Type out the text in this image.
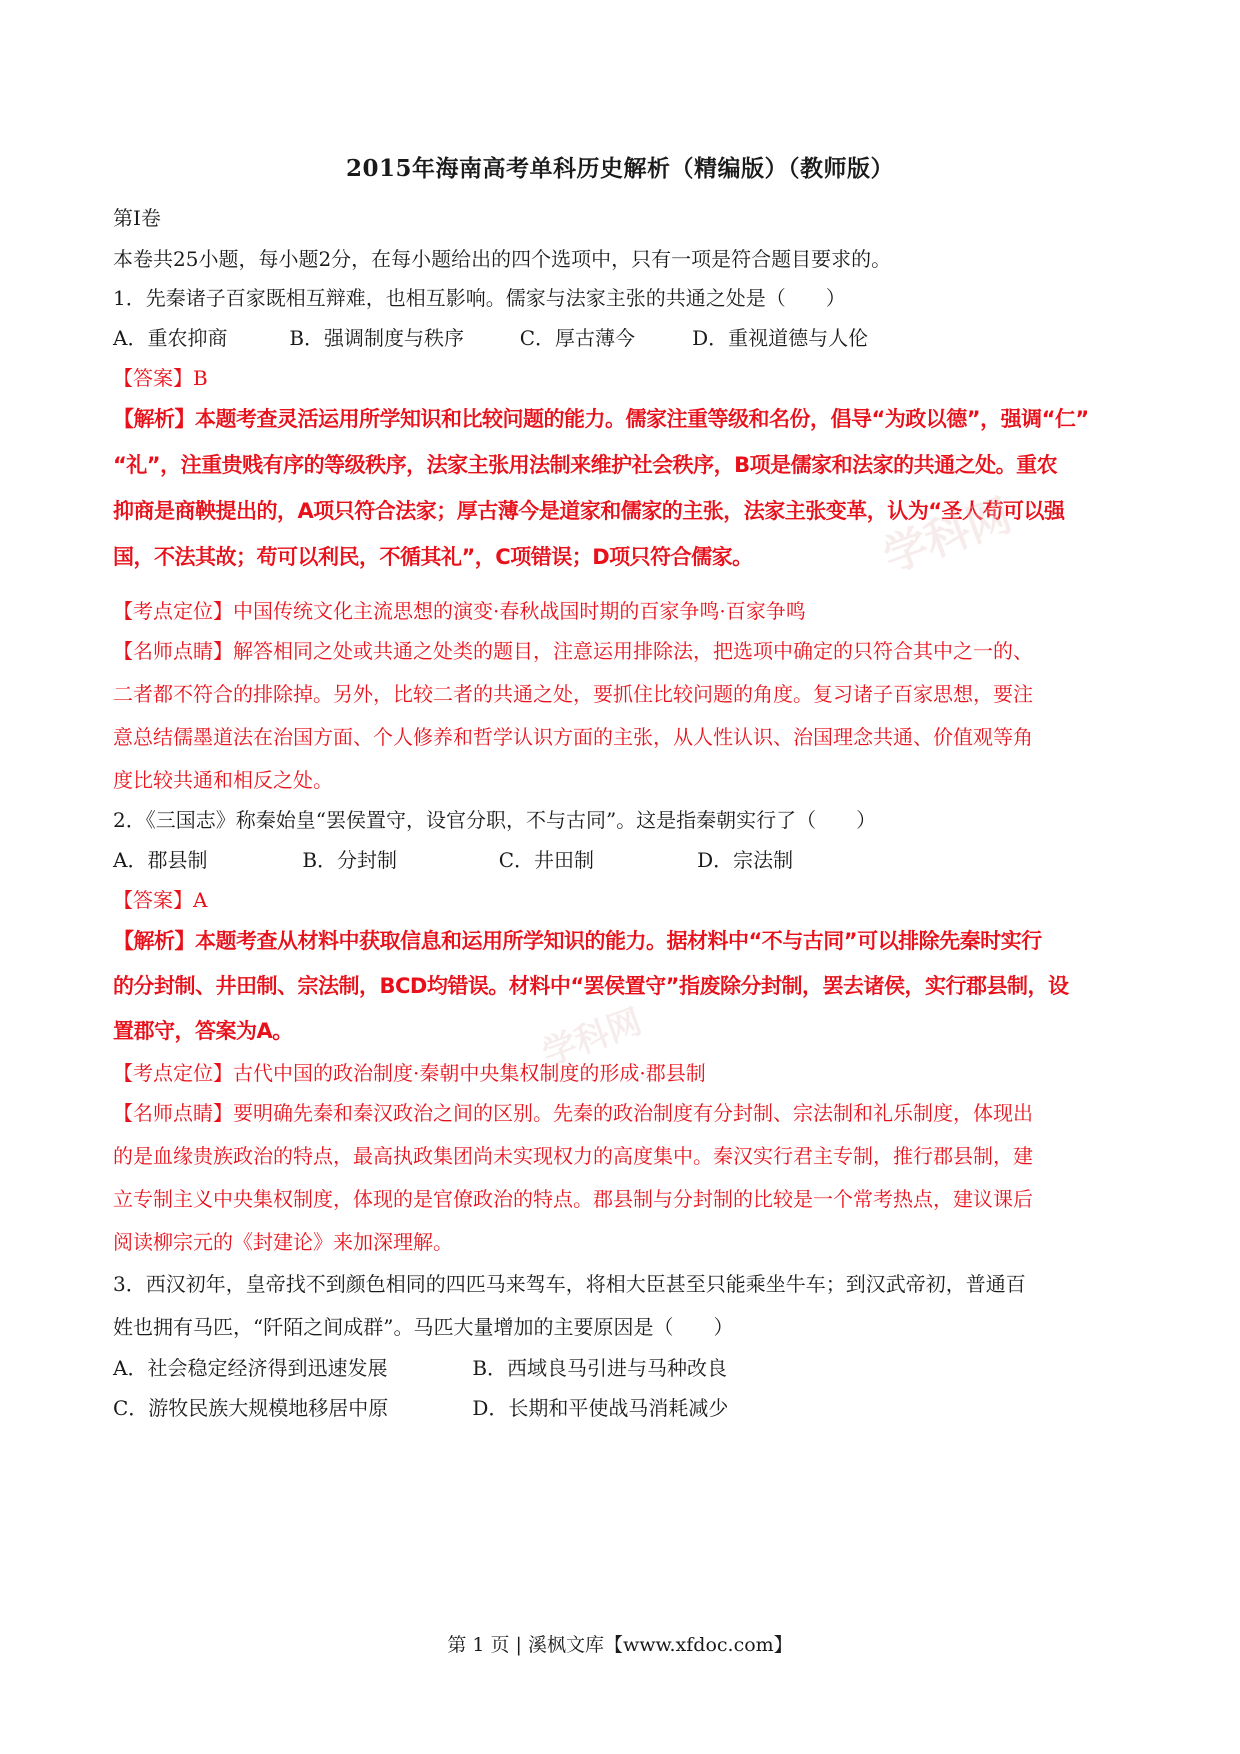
2015年海南高考单科历史解析（精编版）（教师版）
第Ⅰ卷
本卷共25小题，每小题2分，在每小题给出的四个选项中，只有一项是符合题目要求的。
1．先秦诸子百家既相互辩难，也相互影响。儒家与法家主张的共通之处是（　　）
A．重农抑商	B．强调制度与秩序	C．厚古薄今	D．重视道德与人伦
【答案】B
【解析】本题考查灵活运用所学知识和比较问题的能力。儒家注重等级和名份，倡导“为政以德”，强调“仁”
“礼”，注重贵贱有序的等级秩序，法家主张用法制来维护社会秩序，B项是儒家和法家的共通之处。重农
抑商是商鞅提出的，A项只符合法家；厚古薄今是道家和儒家的主张，法家主张变革，认为“圣人苟可以强
国，不法其故；苟可以利民，不循其礼”，C项错误；D项只符合儒家。
【考点定位】中国传统文化主流思想的演变·春秋战国时期的百家争鸣·百家争鸣
【名师点睛】解答相同之处或共通之处类的题目，注意运用排除法，把选项中确定的只符合其中之一的、
二者都不符合的排除掉。另外，比较二者的共通之处，要抓住比较问题的角度。复习诸子百家思想，要注
意总结儒墨道法在治国方面、个人修养和哲学认识方面的主张，从人性认识、治国理念共通、价值观等角
度比较共通和相反之处。
2．《三国志》称秦始皇“罢侯置守，设官分职，不与古同”。这是指秦朝实行了（　　）
A．郡县制	B．分封制	C．井田制	D．宗法制
【答案】A
【解析】本题考查从材料中获取信息和运用所学知识的能力。据材料中“不与古同”可以排除先秦时实行
的分封制、井田制、宗法制，BCD均错误。材料中“罢侯置守”指废除分封制，罢去诸侯，实行郡县制，设
置郡守，答案为A。
【考点定位】古代中国的政治制度·秦朝中央集权制度的形成·郡县制
【名师点睛】要明确先秦和秦汉政治之间的区别。先秦的政治制度有分封制、宗法制和礼乐制度，体现出
的是血缘贵族政治的特点，最高执政集团尚未实现权力的高度集中。秦汉实行君主专制，推行郡县制，建
立专制主义中央集权制度，体现的是官僚政治的特点。郡县制与分封制的比较是一个常考热点，建议课后
阅读柳宗元的《封建论》来加深理解。
3．西汉初年，皇帝找不到颜色相同的四匹马来驾车，将相大臣甚至只能乘坐牛车；到汉武帝初，普通百
姓也拥有马匹，“阡陌之间成群”。马匹大量增加的主要原因是（　　）
A．社会稳定经济得到迅速发展	B．西域良马引进与马种改良
C．游牧民族大规模地移居中原	D．长期和平使战马消耗减少
学科网
学科网
第 1 页 | 溪枫文库【www.xfdoc.com】
